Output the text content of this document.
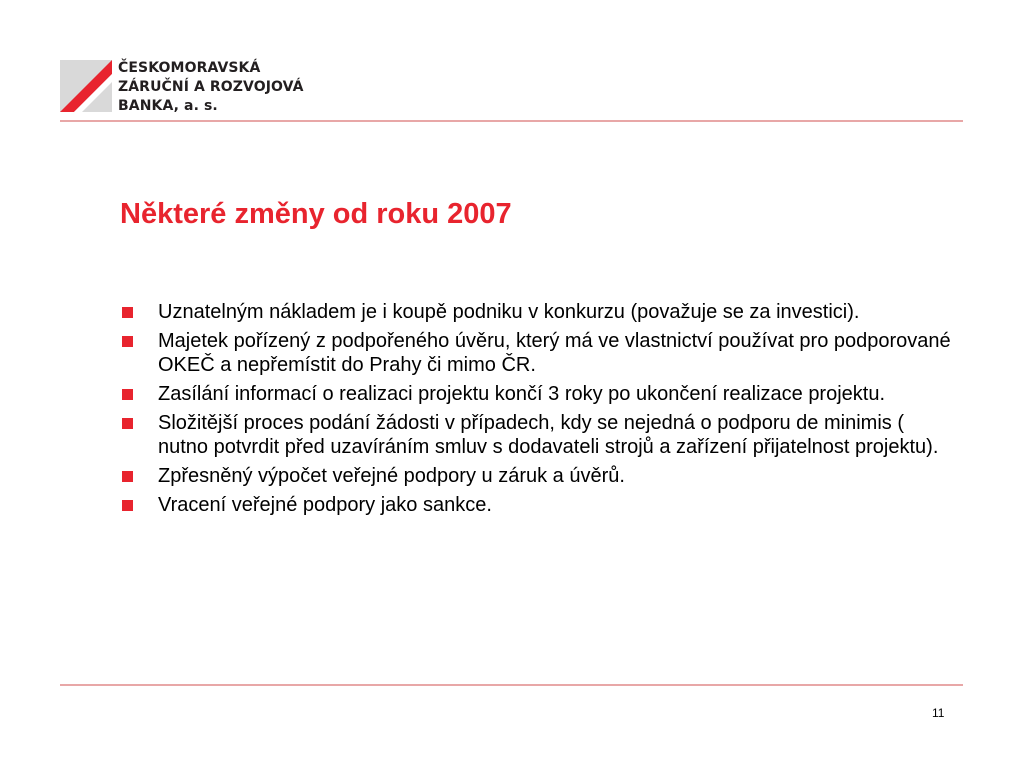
ČESKOMORAVSKÁ
ZÁRUČNÍ A ROZVOJOVÁ
BANKA, a. s.
Některé změny od roku 2007
Uznatelným nákladem je i koupě podniku v konkurzu (považuje se za investici).
Majetek pořízený z podpořeného úvěru, který má ve vlastnictví používat pro podporované OKEČ a nepřemístit do Prahy či mimo ČR.
Zasílání informací o realizaci projektu končí 3 roky po ukončení realizace projektu.
Složitější proces podání žádosti v případech, kdy se nejedná o podporu de minimis ( nutno potvrdit před uzavíráním smluv s dodavateli strojů a zařízení přijatelnost projektu).
Zpřesněný výpočet veřejné podpory u záruk a úvěrů.
Vracení veřejné podpory jako sankce.
11
